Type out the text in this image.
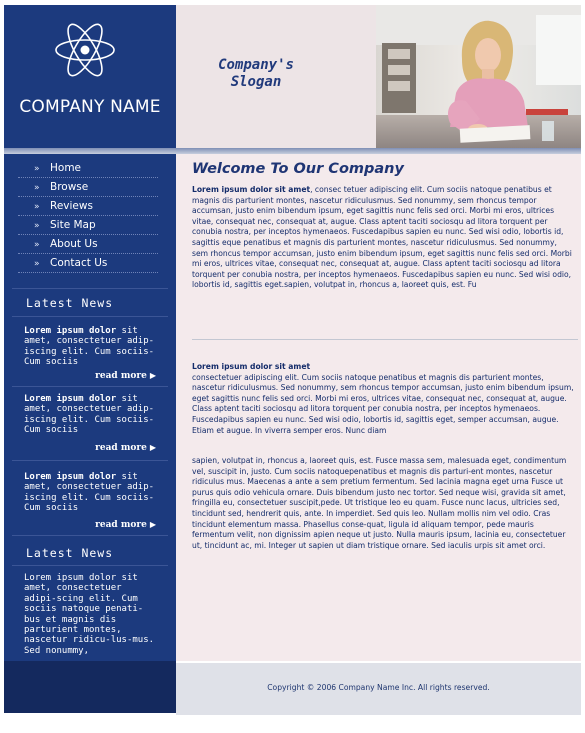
COMPANY NAME
Company's
Slogan
» Home
» Browse
» Reviews
» Site Map
» About Us
» Contact Us
Latest News
Lorem ipsum dolor sit amet, consectetuer adip-iscing elit. Cum sociis-Cum sociis
read more ▶
Lorem ipsum dolor sit amet, consectetuer adip-iscing elit. Cum sociis-Cum sociis
read more ▶
Lorem ipsum dolor sit amet, consectetuer adip-iscing elit. Cum sociis-Cum sociis
read more ▶
Latest News
Lorem ipsum dolor sit amet, consectetuer adipi-scing elit. Cum sociis natoque penati-bus et magnis dis parturient montes, nascetur ridicu-lus-mus. Sed nonummy,
Welcome To Our Company
Lorem ipsum dolor sit amet, consec tetuer adipiscing elit. Cum sociis natoque penatibus et magnis dis parturient montes, nascetur ridiculusmus. Sed nonummy, sem rhoncus tempor accumsan, justo enim bibendum ipsum, eget sagittis nunc felis sed orci. Morbi mi eros, ultrices vitae, consequat nec, consequat at, augue. Class aptent taciti sociosqu ad litora torquent per conubia nostra, per inceptos hymenaeos. Fuscedapibus sapien eu nunc. Sed wisi odio, lobortis id, sagittis eque penatibus et magnis dis parturient montes, nascetur ridiculusmus. Sed nonummy, sem rhoncus tempor accumsan, justo enim bibendum ipsum, eget sagittis nunc felis sed orci. Morbi mi eros, ultrices vitae, consequat nec, consequat at, augue. Class aptent taciti sociosqu ad litora torquent per conubia nostra, per inceptos hymenaeos. Fuscedapibus sapien eu nunc. Sed wisi odio, lobortis id, sagittis eget.sapien, volutpat in, rhoncus a, laoreet quis, est. Fu
Lorem ipsum dolor sit amet
consectetuer adipiscing elit. Cum sociis natoque penatibus et magnis dis parturient montes, nascetur ridiculusmus. Sed nonummy, sem rhoncus tempor accumsan, justo enim bibendum ipsum, eget sagittis nunc felis sed orci. Morbi mi eros, ultrices vitae, consequat nec, consequat at, augue. Class aptent taciti sociosqu ad litora torquent per conubia nostra, per inceptos hymenaeos. Fuscedapibus sapien eu nunc. Sed wisi odio, lobortis id, sagittis eget, semper accumsan, augue. Etiam et augue. In viverra semper eros. Nunc diam
sapien, volutpat in, rhoncus a, laoreet quis, est. Fusce massa sem, malesuada eget, condimentum vel, suscipit in, justo. Cum sociis natoquepenatibus et magnis dis parturi-ent montes, nascetur ridiculus mus. Maecenas a ante a sem pretium fermentum. Sed lacinia magna eget urna Fusce ut purus quis odio vehicula ornare. Duis bibendum justo nec tortor. Sed neque wisi, gravida sit amet, fringilla eu, consectetuer suscipit,pede. Ut tristique leo eu quam. Fusce nunc lacus, ultricies sed, tincidunt sed, hendrerit quis, ante. In imperdiet. Sed quis leo. Nullam mollis nim vel odio. Cras tincidunt elementum massa. Phasellus conse-quat, ligula id aliquam tempor, pede mauris fermentum velit, non dignissim apien neque ut justo. Nulla mauris ipsum, lacinia eu, consectetuer ut, tincidunt ac, mi. Integer ut sapien ut diam tristique ornare. Sed iaculis urpis sit amet orci.
Copyright © 2006 Company Name Inc. All rights reserved.
